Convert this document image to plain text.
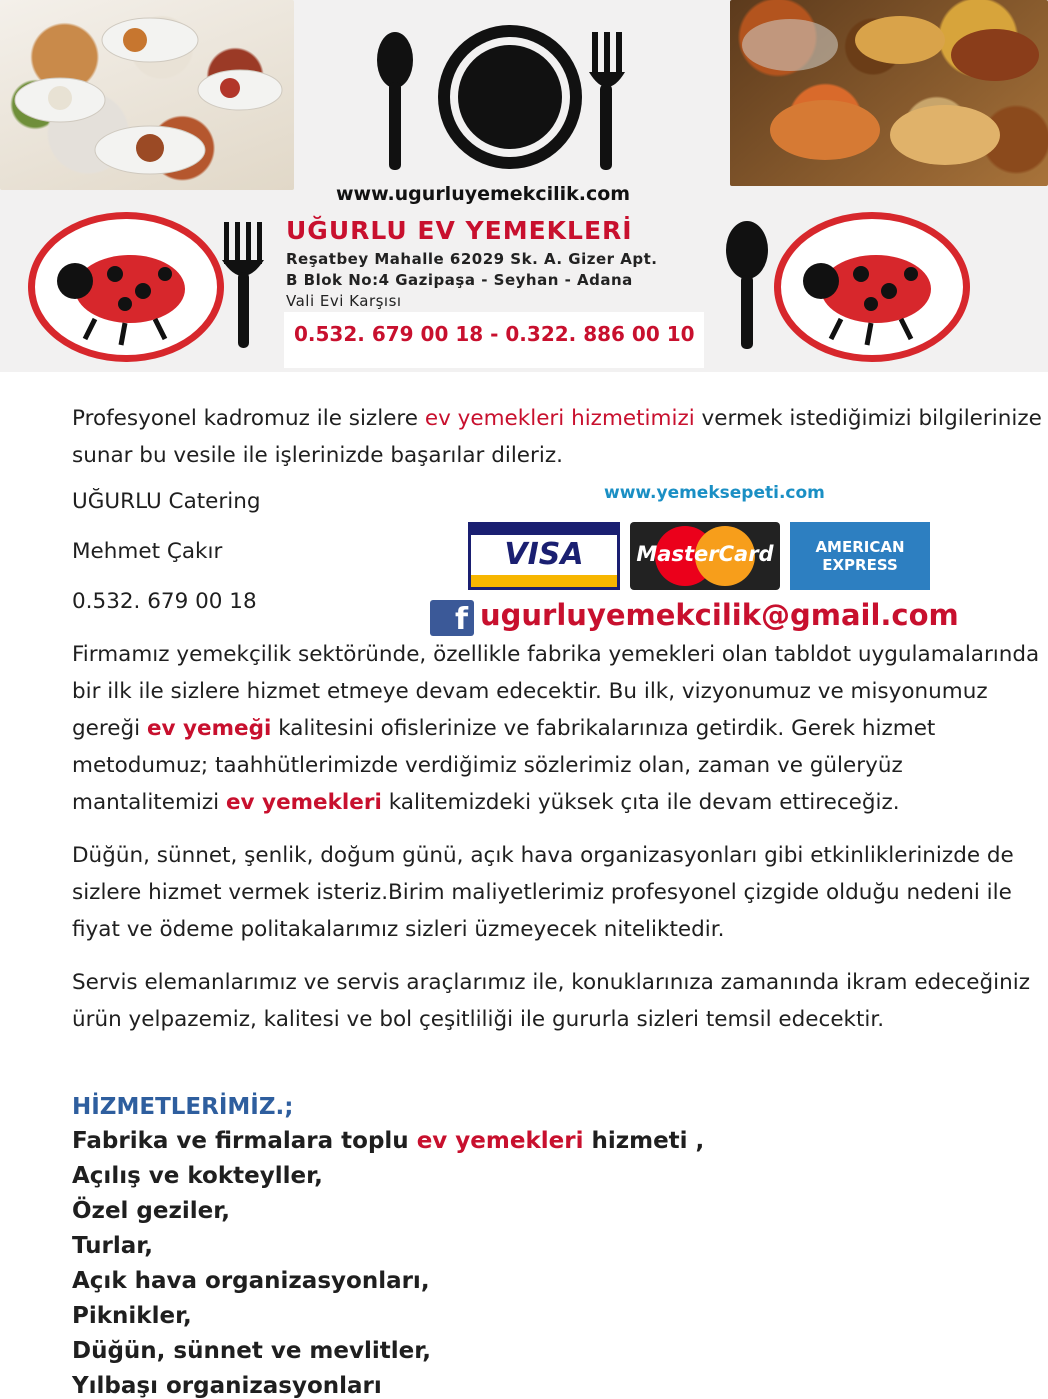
www.ugurluyemekcilik.com
UĞURLU EV YEMEKLERİ
Reşatbey Mahalle 62029 Sk. A. Gizer Apt.
B Blok No:4 Gazipaşa - Seyhan - Adana
Vali Evi Karşısı
0.532. 679 00 18 - 0.322. 886 00 10
Profesyonel kadromuz ile sizlere ev yemekleri hizmetimizi vermek istediğimizi bilgilerinize sunar bu vesile ile işlerinizde başarılar dileriz.
UĞURLU Catering
Mehmet Çakır
0.532. 679 00 18
www.yemeksepeti.com
VISA	MasterCard	AMERICAN EXPRESS
f ugurluyemekcilik@gmail.com
Firmamız yemekçilik sektöründe, özellikle fabrika yemekleri olan tabldot uygulamalarında bir ilk ile sizlere hizmet etmeye devam edecektir. Bu ilk, vizyonumuz ve misyonumuz gereği ev yemeği kalitesini ofislerinize ve fabrikalarınıza getirdik. Gerek hizmet metodumuz; taahhütlerimizde verdiğimiz sözlerimiz olan, zaman ve güleryüz mantalitemizi ev yemekleri kalitemizdeki yüksek çıta ile devam ettireceğiz.
Düğün, sünnet, şenlik, doğum günü, açık hava organizasyonları gibi etkinliklerinizde de sizlere hizmet vermek isteriz.Birim maliyetlerimiz profesyonel çizgide olduğu nedeni ile fiyat ve ödeme politakalarımız sizleri üzmeyecek niteliktedir.
Servis elemanlarımız ve servis araçlarımız ile, konuklarınıza zamanında ikram edeceğiniz ürün yelpazemiz, kalitesi ve bol çeşitliliği ile gururla sizleri temsil edecektir.
HİZMETLERİMİZ.;
Fabrika ve firmalara toplu ev yemekleri hizmeti ,
Açılış ve kokteyller,
Özel geziler,
Turlar,
Açık hava organizasyonları,
Piknikler,
Düğün, sünnet ve mevlitler,
Yılbaşı organizasyonları
